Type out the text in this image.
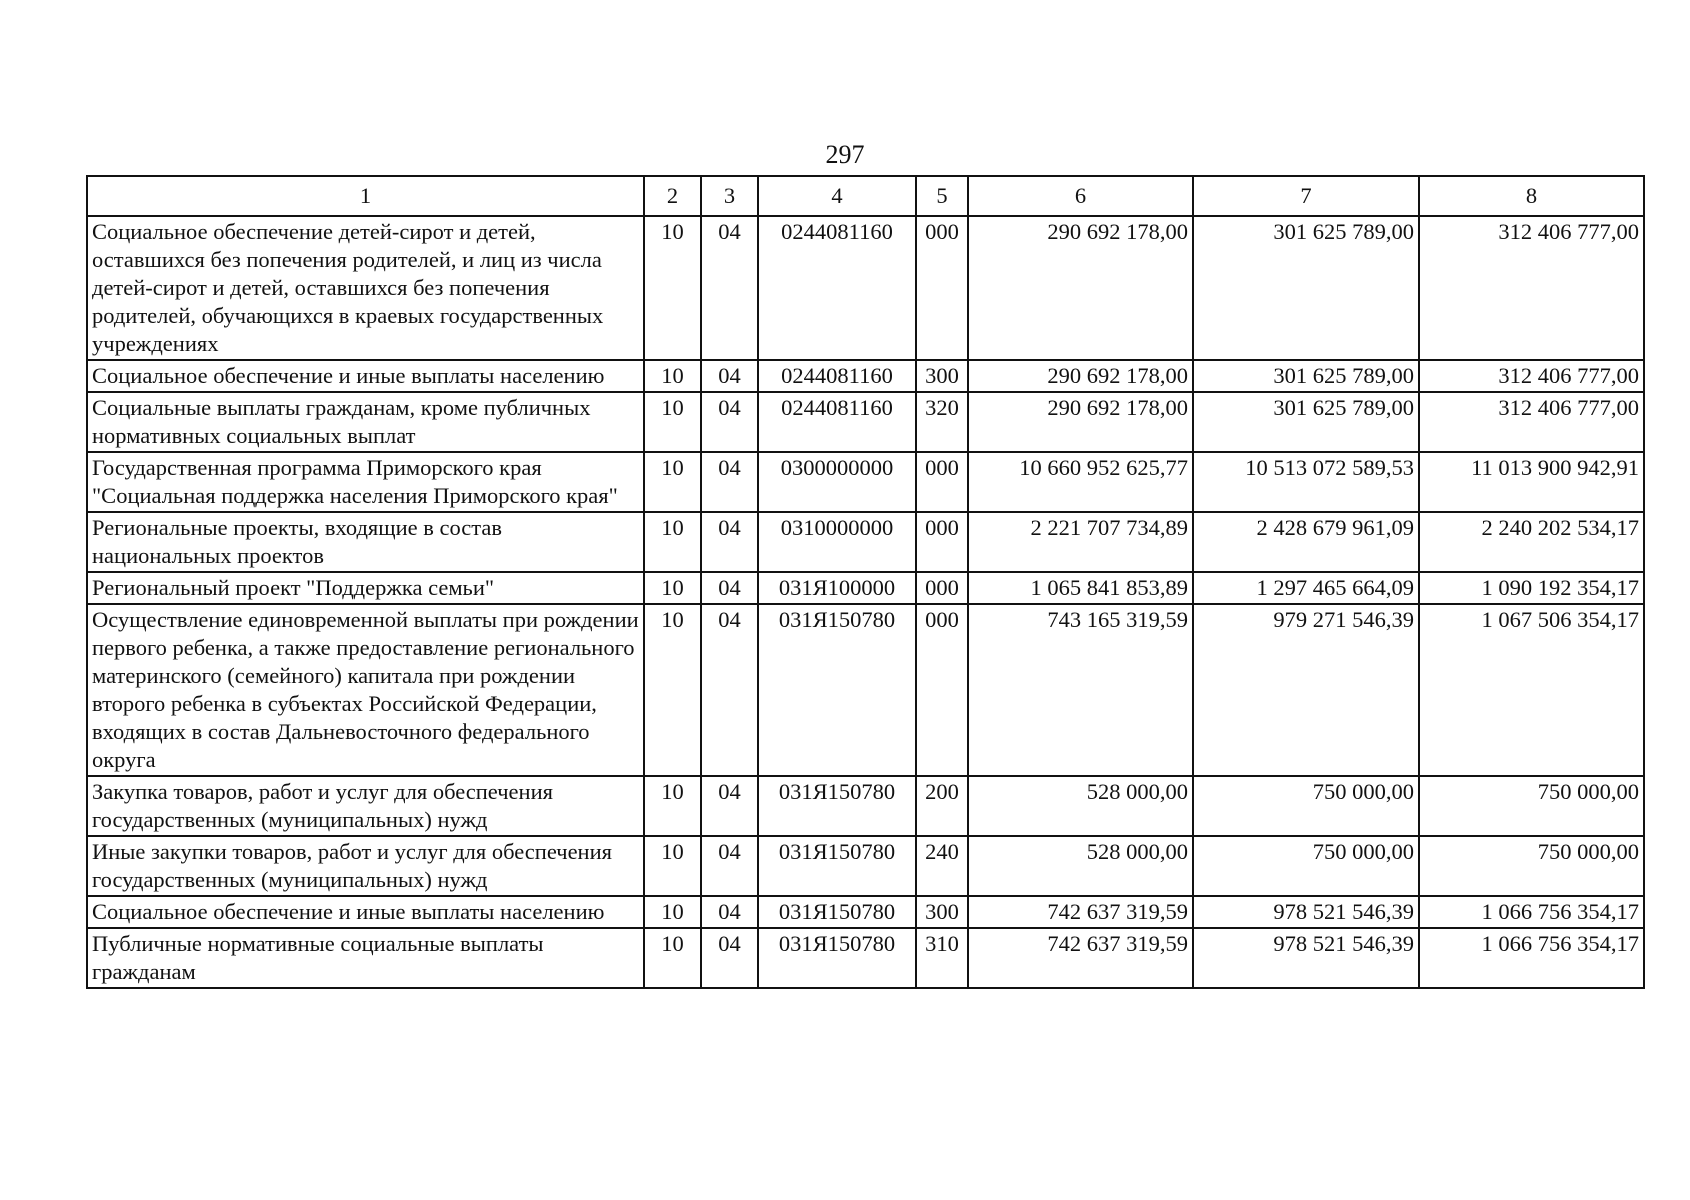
297
1	2	3	4	5	6	7	8
Социальное обеспечение детей-сирот и детей, оставшихся без попечения родителей, и лиц из числа детей-сирот и детей, оставшихся без попечения родителей, обучающихся в краевых государственных учреждениях	10	04	0244081160	000	290 692 178,00	301 625 789,00	312 406 777,00
Социальное обеспечение и иные выплаты населению	10	04	0244081160	300	290 692 178,00	301 625 789,00	312 406 777,00
Социальные выплаты гражданам, кроме публичных нормативных социальных выплат	10	04	0244081160	320	290 692 178,00	301 625 789,00	312 406 777,00
Государственная программа Приморского края "Социальная поддержка населения Приморского края"	10	04	0300000000	000	10 660 952 625,77	10 513 072 589,53	11 013 900 942,91
Региональные проекты, входящие в состав национальных проектов	10	04	0310000000	000	2 221 707 734,89	2 428 679 961,09	2 240 202 534,17
Региональный проект "Поддержка семьи"	10	04	031Я100000	000	1 065 841 853,89	1 297 465 664,09	1 090 192 354,17
Осуществление единовременной выплаты при рождении первого ребенка, а также предоставление регионального материнского (семейного) капитала при рождении второго ребенка в субъектах Российской Федерации, входящих в состав Дальневосточного федерального округа	10	04	031Я150780	000	743 165 319,59	979 271 546,39	1 067 506 354,17
Закупка товаров, работ и услуг для обеспечения государственных (муниципальных) нужд	10	04	031Я150780	200	528 000,00	750 000,00	750 000,00
Иные закупки товаров, работ и услуг для обеспечения государственных (муниципальных) нужд	10	04	031Я150780	240	528 000,00	750 000,00	750 000,00
Социальное обеспечение и иные выплаты населению	10	04	031Я150780	300	742 637 319,59	978 521 546,39	1 066 756 354,17
Публичные нормативные социальные выплаты гражданам	10	04	031Я150780	310	742 637 319,59	978 521 546,39	1 066 756 354,17
